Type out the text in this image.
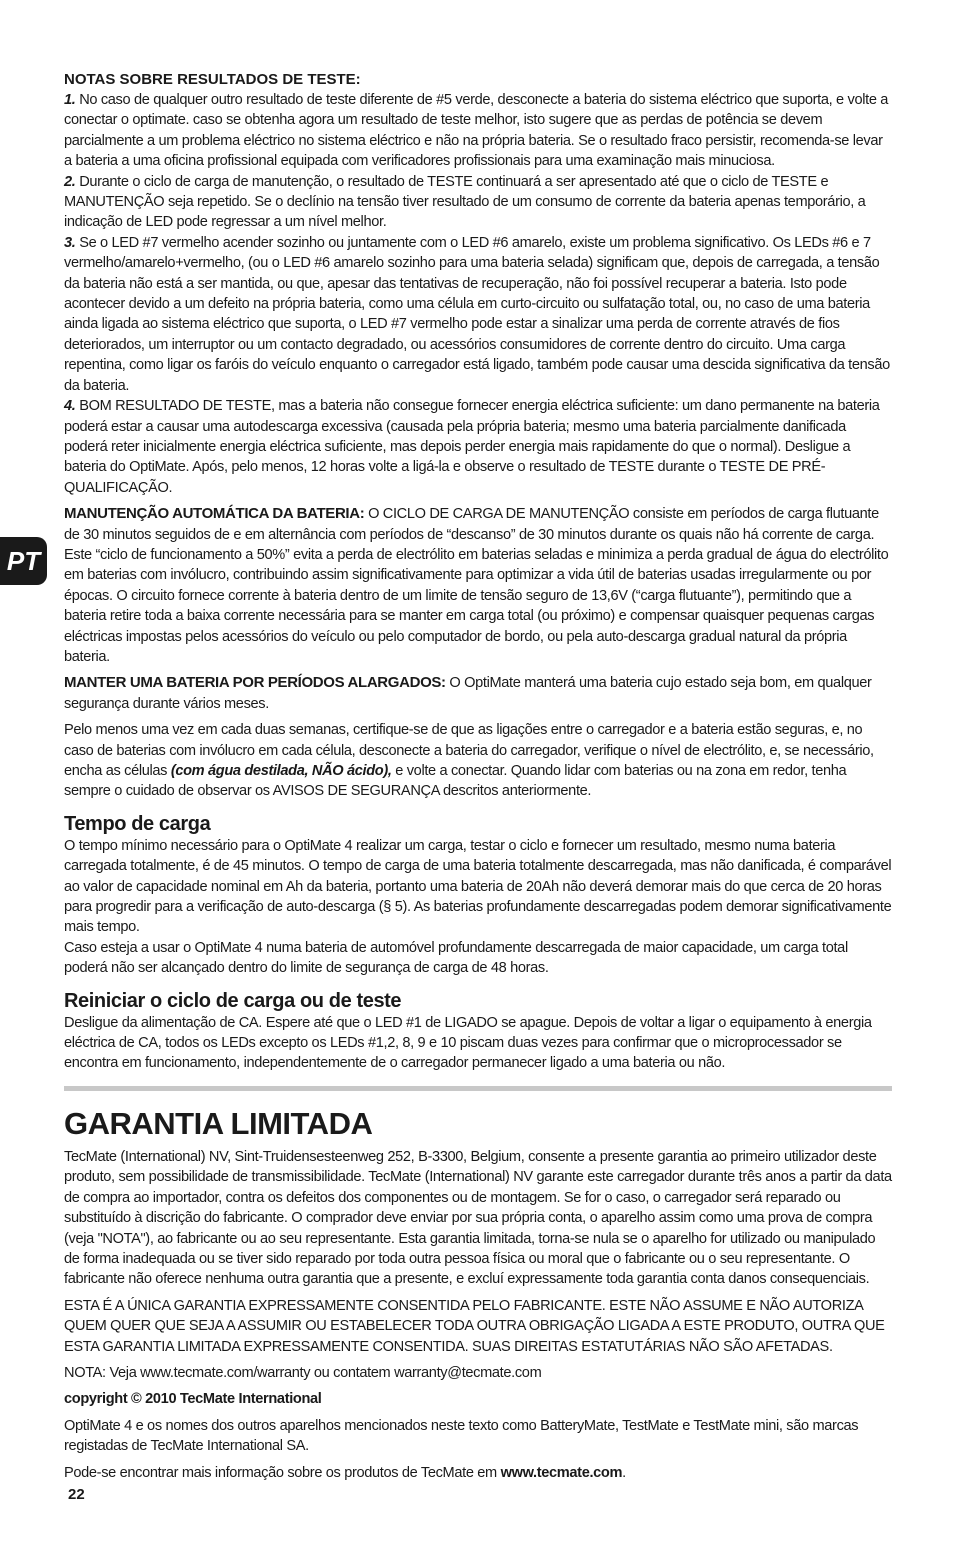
PT

NOTAS SOBRE RESULTADOS DE TESTE:

1. No caso de qualquer outro resultado de teste diferente de #5 verde, desconecte a bateria do sistema eléctrico que suporta, e volte a conectar o optimate. caso se obtenha agora um resultado de teste melhor, isto sugere que as perdas de potência se devem parcialmente a um problema eléctrico no sistema eléctrico e não na própria bateria. Se o resultado fraco persistir, recomenda-se levar a bateria a uma oficina profissional equipada com verificadores profissionais para uma examinação mais minuciosa.

2. Durante o ciclo de carga de manutenção, o resultado de TESTE continuará a ser apresentado até que o ciclo de TESTE e MANUTENÇÃO seja repetido. Se o declínio na tensão tiver resultado de um consumo de corrente da bateria apenas temporário, a indicação de LED pode regressar a um nível melhor.

3. Se o LED #7 vermelho acender sozinho ou juntamente com o LED #6 amarelo, existe um problema significativo. Os LEDs #6 e 7 vermelho/amarelo+vermelho, (ou o LED #6 amarelo sozinho para uma bateria selada) significam que, depois de carregada, a tensão da bateria não está a ser mantida, ou que, apesar das tentativas de recuperação, não foi possível recuperar a bateria. Isto pode acontecer devido a um defeito na própria bateria, como uma célula em curto-circuito ou sulfatação total, ou, no caso de uma bateria ainda ligada ao sistema eléctrico que suporta, o LED #7 vermelho pode estar a sinalizar uma perda de corrente através de fios deteriorados, um interruptor ou um contacto degradado, ou acessórios consumidores de corrente dentro do circuito. Uma carga repentina, como ligar os faróis do veículo enquanto o carregador está ligado, também pode causar uma descida significativa da tensão da bateria.

4. BOM RESULTADO DE TESTE, mas a bateria não consegue fornecer energia eléctrica suficiente: um dano permanente na bateria poderá estar a causar uma autodescarga excessiva (causada pela própria bateria; mesmo uma bateria parcialmente danificada poderá reter inicialmente energia eléctrica suficiente, mas depois perder energia mais rapidamente do que o normal). Desligue a bateria do OptiMate. Após, pelo menos, 12 horas volte a ligá-la e observe o resultado de TESTE durante o TESTE DE PRÉ-QUALIFICAÇÃO.

MANUTENÇÃO AUTOMÁTICA DA BATERIA: O CICLO DE CARGA DE MANUTENÇÃO consiste em períodos de carga flutuante de 30 minutos seguidos de e em alternância com períodos de “descanso” de 30 minutos durante os quais não há corrente de carga. Este “ciclo de funcionamento a 50%” evita a perda de electrólito em baterias seladas e minimiza a perda gradual de água do electrólito em baterias com invólucro, contribuindo assim significativamente para optimizar a vida útil de baterias usadas irregularmente ou por épocas. O circuito fornece corrente à bateria dentro de um limite de tensão seguro de 13,6V (“carga flutuante”), permitindo que a bateria retire toda a baixa corrente necessária para se manter em carga total (ou próximo) e compensar quaisquer pequenas cargas eléctricas impostas pelos acessórios do veículo ou pelo computador de bordo, ou pela auto-descarga gradual natural da própria bateria.

MANTER UMA BATERIA POR PERÍODOS ALARGADOS: O OptiMate manterá uma bateria cujo estado seja bom, em qualquer segurança durante vários meses.

Pelo menos uma vez em cada duas semanas, certifique-se de que as ligações entre o carregador e a bateria estão seguras, e, no caso de baterias com invólucro em cada célula, desconecte a bateria do carregador, verifique o nível de electrólito, e, se necessário, encha as células (com água destilada, NÃO ácido), e volte a conectar. Quando lidar com baterias ou na zona em redor, tenha sempre o cuidado de observar os AVISOS DE SEGURANÇA descritos anteriormente.

Tempo de carga

O tempo mínimo necessário para o OptiMate 4 realizar um carga, testar o ciclo e fornecer um resultado, mesmo numa bateria carregada totalmente, é de 45 minutos. O tempo de carga de uma bateria totalmente descarregada, mas não danificada, é comparável ao valor de capacidade nominal em Ah da bateria, portanto uma bateria de 20Ah não deverá demorar mais do que cerca de 20 horas para progredir para a verificação de auto-descarga (§ 5). As baterias profundamente descarregadas podem demorar significativamente mais tempo.

Caso esteja a usar o OptiMate 4 numa bateria de automóvel profundamente descarregada de maior capacidade, um carga total poderá não ser alcançado dentro do limite de segurança de carga de 48 horas.

Reiniciar o ciclo de carga ou de teste

Desligue da alimentação de CA. Espere até que o LED #1 de LIGADO se apague. Depois de voltar a ligar o equipamento à energia eléctrica de CA, todos os LEDs excepto os LEDs #1,2, 8, 9 e 10 piscam duas vezes para confirmar que o microprocessador se encontra em funcionamento, independentemente de o carregador permanecer ligado a uma bateria ou não.

GARANTIA LIMITADA

TecMate (International) NV, Sint-Truidensesteenweg 252, B-3300, Belgium, consente a presente garantia ao primeiro utilizador deste produto, sem possibilidade de transmissibilidade. TecMate (International) NV garante este carregador durante três anos a partir da data de compra ao importador, contra os defeitos dos componentes ou de montagem. Se for o caso, o carregador será reparado ou substituído à discrição do fabricante. O comprador deve enviar por sua própria conta, o aparelho assim como uma prova de compra (veja "NOTA"), ao fabricante ou ao seu representante. Esta garantia limitada, torna-se nula se o aparelho for utilizado ou manipulado de forma inadequada ou se tiver sido reparado por toda outra pessoa física ou moral que o fabricante ou o seu representante. O fabricante não oferece nenhuma outra garantia que a presente, e excluí expressamente toda garantia conta danos consequenciais.

ESTA É A ÚNICA GARANTIA EXPRESSAMENTE CONSENTIDA PELO FABRICANTE. ESTE NÃO ASSUME E NÃO AUTORIZA QUEM QUER QUE SEJA A ASSUMIR OU ESTABELECER TODA OUTRA OBRIGAÇÃO LIGADA A ESTE PRODUTO, OUTRA QUE ESTA GARANTIA LIMITADA EXPRESSAMENTE CONSENTIDA. SUAS DIREITAS ESTATUTÁRIAS NÃO SÃO AFETADAS.

NOTA: Veja www.tecmate.com/warranty ou contatem warranty@tecmate.com

copyright © 2010 TecMate International

OptiMate 4 e os nomes dos outros aparelhos mencionados neste texto como BatteryMate, TestMate e TestMate mini, são marcas registadas de TecMate International SA.

Pode-se encontrar mais informação sobre os produtos de TecMate em www.tecmate.com.

22
